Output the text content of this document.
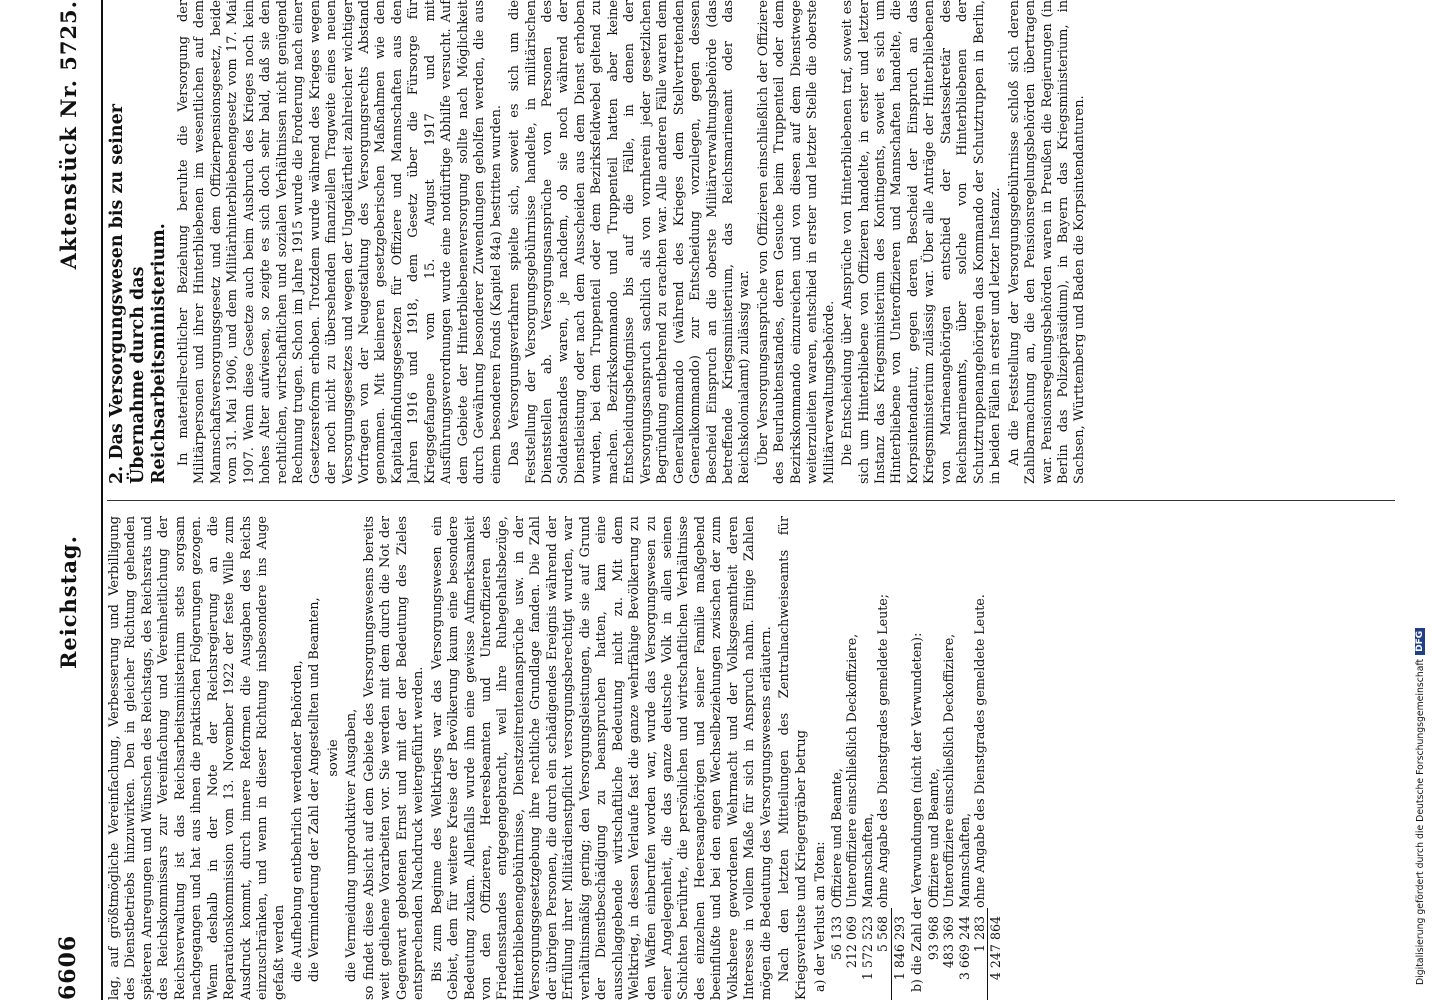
6606
Reichstag.
Aktenstück Nr. 5725.

lag, auf größtmögliche Vereinfachung, Verbesserung und Verbilligung des Dienstbetriebs hinzuwirken. Den in gleicher Richtung gehenden späteren Anregungen und Wünschen des Reichstags, des Reichsrats und des Reichskommissars zur Vereinfachung und Vereinheitlichung der Reichsverwaltung ist das Reichsarbeitsministerium stets sorgsam nachgegangen und hat aus ihnen die praktischen Folgerungen gezogen. Wenn deshalb in der Note der Reichsregierung an die Reparationskommission vom 13. November 1922 der feste Wille zum Ausdruck kommt, durch innere Reformen die Ausgaben des Reichs einzuschränken, und wenn in dieser Richtung insbesondere ins Auge gefaßt werden die Aufhebung entbehrlich werdender Behörden, die Verminderung der Zahl der Angestellten und Beamten, sowie die Vermeidung unproduktiver Ausgaben, so findet diese Absicht auf dem Gebiete des Versorgungswesens bereits weit gediehene Vorarbeiten vor. Sie werden mit dem durch die Not der Gegenwart gebotenen Ernst und mit der der Bedeutung des Zieles entsprechenden Nachdruck weitergeführt werden. Bis zum Beginne des Weltkriegs war das Versorgungswesen ein Gebiet, dem für weitere Kreise der Bevölkerung kaum eine besondere Bedeutung zukam. Allenfalls wurde ihm eine gewisse Aufmerksamkeit von den Offizieren, Heeresbeamten und Unteroffizieren des Friedensstandes entgegengebracht, weil ihre Ruhegehaltsbezüge, Hinterbliebenengebührnisse, Dienstzeitrentenansprüche usw. in der Versorgungsgesetzgebung ihre rechtliche Grundlage fanden. Die Zahl der übrigen Personen, die durch ein schädigendes Ereignis während der Erfüllung ihrer Militärdienstpflicht versorgungsberechtigt wurden, war verhältnismäßig gering; den Versorgungsleistungen, die sie auf Grund der Dienstbeschädigung zu beanspruchen hatten, kam eine ausschlaggebende wirtschaftliche Bedeutung nicht zu. Mit dem Weltkrieg, in dessen Verlaufe fast die ganze wehrfähige Bevölkerung zu den Waffen einberufen worden war, wurde das Versorgungswesen zu einer Angelegenheit, die das ganze deutsche Volk in allen seinen Schichten berührte, die persönlichen und wirtschaftlichen Verhältnisse des einzelnen Heeresangehörigen und seiner Familie maßgebend beeinflußte und bei den engen Wechselbeziehungen zwischen der zum Volksheere gewordenen Wehrmacht und der Volksgesamtheit deren Interesse in vollem Maße für sich in Anspruch nahm. Einige Zahlen mögen die Bedeutung des Versorgungswesens erläutern. Nach den letzten Mitteilungen des Zentralnachweiseamts für Kriegsverluste und Kriegergräber betrug a) der Verlust an Toten: 56 133
Offiziere und Beamte,
212 069
Unteroffiziere einschließlich Deckoffiziere,
1 572 523
Mannschaften,
5 568
ohne Angabe des Dienstgrades gemeldete Leute;
1 846 293 b) die Zahl der Verwundungen (nicht der Verwundeten): 93 968
Offiziere und Beamte,
483 369
Unteroffiziere einschließlich Deckoffiziere,
3 669 244
Mannschaften,
1 283
ohne Angabe des Dienstgrades gemeldete Leute.
4 247 864
2. Das Versorgungswesen bis zu seiner Übernahme durch das Reichsarbeitsministerium. In materiellrechtlicher Beziehung beruhte die Versorgung der Militärpersonen und ihrer Hinterbliebenen im wesentlichen auf dem Mannschaftsversorgungsgesetz und dem Offizierpensionsgesetz, beide vom 31. Mai 1906, und dem Militärhinterbliebenengesetz vom 17. Mai 1907. Wenn diese Gesetze auch beim Ausbruch des Krieges noch kein hohes Alter aufwiesen, so zeigte es sich doch sehr bald, daß sie den rechtlichen, wirtschaftlichen und sozialen Verhältnissen nicht genügend Rechnung trugen. Schon im Jahre 1915 wurde die Forderung nach einer Gesetzesreform erhoben. Trotzdem wurde während des Krieges wegen der noch nicht zu übersehenden finanziellen Tragweite eines neuen Versorgungsgesetzes und wegen der Ungeklärtheit zahlreicher wichtiger Vorfragen von der Neugestaltung des Versorgungsrechts Abstand genommen. Mit kleineren gesetzgeberischen Maßnahmen wie den Kapitalabfindungsgesetzen für Offiziere und Mannschaften aus den Jahren 1916 und 1918, dem Gesetz über die Fürsorge für Kriegsgefangene vom 15. August 1917 und mit Ausführungsverordnungen wurde eine notdürftige Abhilfe versucht. Auf dem Gebiete der Hinterbliebenenversorgung sollte nach Möglichkeit durch Gewährung besonderer Zuwendungen geholfen werden, die aus einem besonderen Fonds (Kapitel 84a) bestritten wurden. Das Versorgungsverfahren spielte sich, soweit es sich um die Feststellung der Versorgungsgebührnisse handelte, in militärischen Dienststellen ab. Versorgungsansprüche von Personen des Soldatenstandes waren, je nachdem, ob sie noch während der Dienstleistung oder nach dem Ausscheiden aus dem Dienst erhoben wurden, bei dem Truppenteil oder dem Bezirksfeldwebel geltend zu machen. Bezirkskommando und Truppenteil hatten aber keine Entscheidungsbefugnisse bis auf die Fälle, in denen der Versorgungsanspruch sachlich als von vornherein jeder gesetzlichen Begründung entbehrend zu erachten war. Alle anderen Fälle waren dem Generalkommando (während des Krieges dem Stellvertretenden Generalkommando) zur Entscheidung vorzulegen, gegen dessen Bescheid Einspruch an die oberste Militärverwaltungsbehörde (das betreffende Kriegsministerium, das Reichsmarineamt oder das Reichskolonialamt) zulässig war. Über Versorgungsansprüche von Offizieren einschließlich der Offiziere des Beurlaubtenstandes, deren Gesuche beim Truppenteil oder dem Bezirkskommando einzureichen und von diesen auf dem Dienstwege weiterzuleiten waren, entschied in erster und letzter Stelle die oberste Militärverwaltungsbehörde. Die Entscheidung über Ansprüche von Hinterbliebenen traf, soweit es sich um Hinterbliebene von Offizieren handelte, in erster und letzter Instanz das Kriegsministerium des Kontingents, soweit es sich um Hinterbliebene von Unteroffizieren und Mannschaften handelte, die Korpsintendantur, gegen deren Bescheid der Einspruch an das Kriegsministerium zulässig war. Über alle Anträge der Hinterbliebenen von Marineangehörigen entschied der Staatssekretär des Reichsmarineamts, über solche von Hinterbliebenen der Schutztruppenangehörigen das Kommando der Schutztruppen in Berlin, in beiden Fällen in erster und letzter Instanz. An die Feststellung der Versorgungsgebührnisse schloß sich deren Zahlbarmachung an, die den Pensionsregelungsbehörden übertragen war. Pensionsregelungsbehörden waren in Preußen die Regierungen (in Berlin das Polizeipräsidium), in Bayern das Kriegsministerium, in Sachsen, Württemberg und Baden die Korpsintendanturen.

Digitalisierung gefördert durch die Deutsche Forschungsgemeinschaft
DFG
